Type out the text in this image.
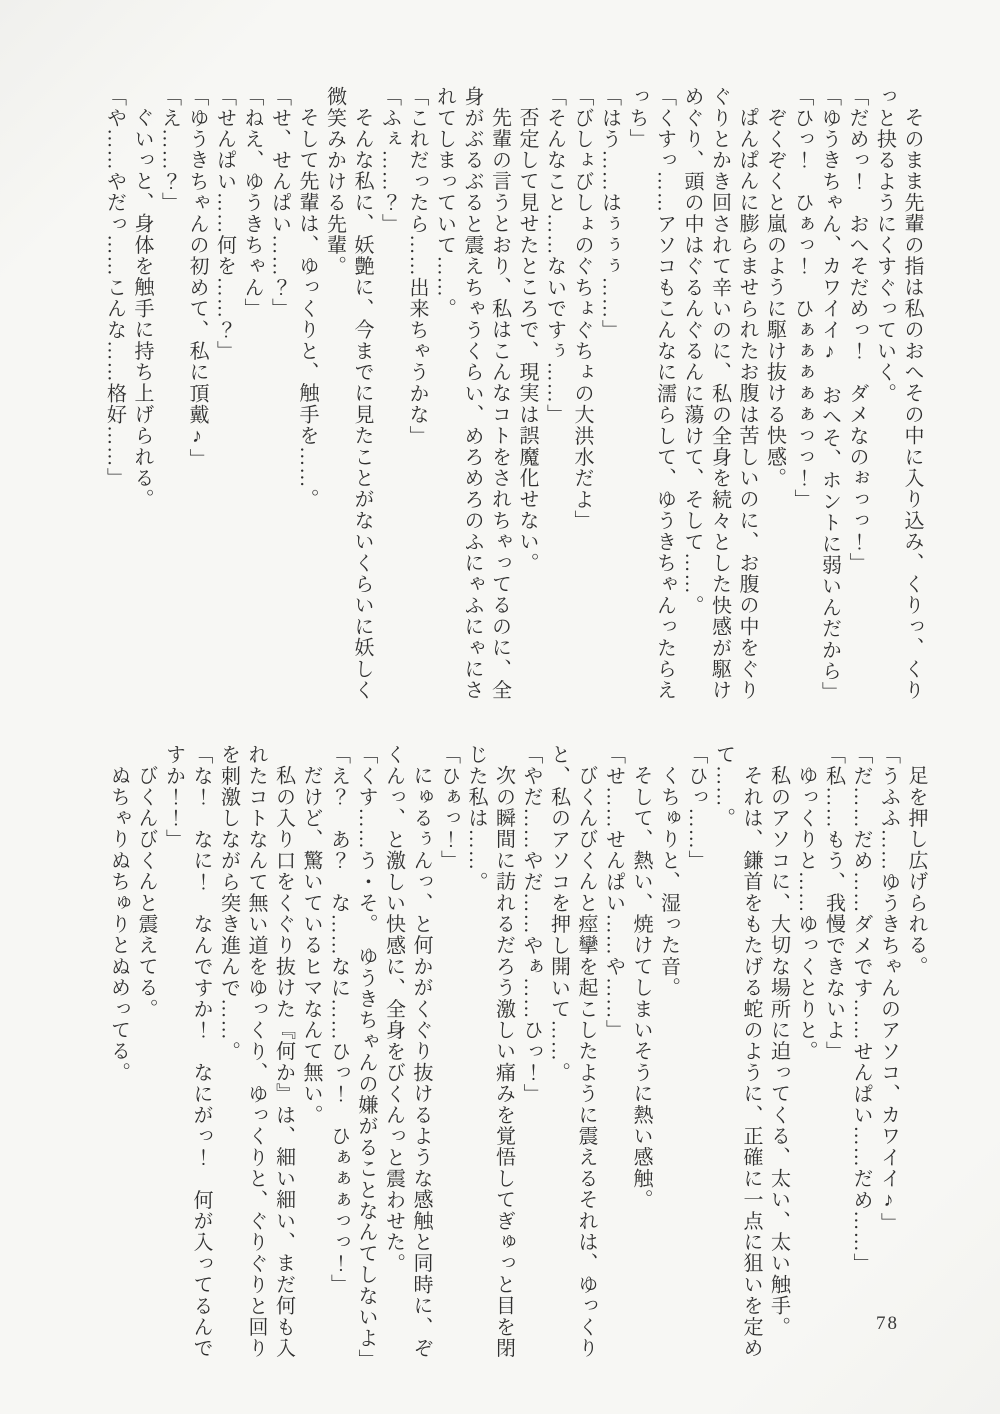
そのまま先輩の指は私のおへその中に入り込み、くりっ、くり
っと抉るようにくすぐっていく。
「だめっ！　おへそだめっ！　ダメなのぉっっ！」
「ゆうきちゃん、カワイイ♪　おへそ、ホントに弱いんだから」
「ひっ！　ひぁっ！　ひぁぁぁぁぁっっ！」
ぞくぞくと嵐のように駆け抜ける快感。
ぱんぱんに膨らませられたお腹は苦しいのに、お腹の中をぐり
ぐりとかき回されて辛いのに、私の全身を続々とした快感が駆け
めぐり、頭の中はぐるんぐるんに蕩けて、そして……。
「くすっ……アソコもこんなに濡らして、ゆうきちゃんったらえ
っち」
「はう……はぅぅぅ……」
「びしょびしょのぐちょぐちょの大洪水だよ」
「そんなこと……ないですぅ……」
否定して見せたところで、現実は誤魔化せない。
先輩の言うとおり、私はこんなコトをされちゃってるのに、全
身がぶるぶると震えちゃうくらい、めろめろのふにゃふにゃにさ
れてしまっていて……。
「これだったら……出来ちゃうかな」
「ふぇ……？」
そんな私に、妖艶に、今までに見たことがないくらいに妖しく
微笑みかける先輩。
そして先輩は、ゆっくりと、触手を……。
「せ、せんぱい……？」
「ねえ、ゆうきちゃん」
「せんぱい……何を……？」
「ゆうきちゃんの初めて、私に頂戴♪」
「え……？」
ぐいっと、身体を触手に持ち上げられる。
「や……やだっ……こんな……格好……」
足を押し広げられる。
「うふふ……ゆうきちゃんのアソコ、カワイイ♪」
「だ……だめ……ダメです……せんぱい……だめ……」
「私……もう、我慢できないよ」
ゆっくりと……ゆっくとりと。
私のアソコに、大切な場所に迫ってくる、太い、太い触手。
それは、鎌首をもたげる蛇のように、正確に一点に狙いを定め
て……。
「ひっ……」
くちゅりと、湿った音。
そして、熱い、焼けてしまいそうに熱い感触。
「せ……せんぱい……や……」
びくんびくんと痙攣を起こしたように震えるそれは、ゆっくり
と、私のアソコを押し開いて……。
「やだ……やだ……やぁ……ひっ！」
次の瞬間に訪れるだろう激しい痛みを覚悟してぎゅっと目を閉
じた私は……。
「ひぁっ！」
にゅるぅんっ、と何かがくぐり抜けるような感触と同時に、ぞ
くんっ、と激しい快感に、全身をびくんっと震わせた。
「くす……う・そ。　ゆうきちゃんの嫌がることなんてしないよ」
「え？　あ？　な……なに……ひっ！　ひぁぁぁっっ！」
だけど、驚いているヒマなんて無い。
私の入り口をくぐり抜けた『何か』は、細い細い、まだ何も入
れたコトなんて無い道をゆっくり、ゆっくりと、ぐりぐりと回り
を刺激しながら突き進んで……。
「な！　なに！　なんですか！　なにがっ！　何が入ってるんで
すか！！」
びくんびくんと震えてる。
ぬちゃりぬちゅりとぬめってる。
78
